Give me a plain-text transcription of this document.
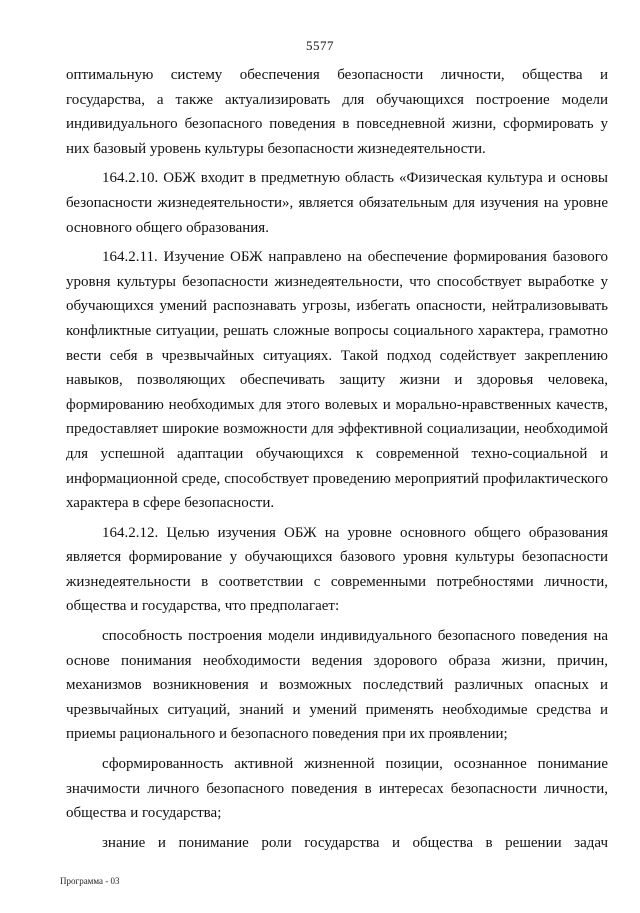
5577

оптимальную систему обеспечения безопасности личности, общества и государства, а также актуализировать для обучающихся построение модели индивидуального безопасного поведения в повседневной жизни, сформировать у них базовый уровень культуры безопасности жизнедеятельности.

164.2.10. ОБЖ входит в предметную область «Физическая культура и основы безопасности жизнедеятельности», является обязательным для изучения на уровне основного общего образования.

164.2.11. Изучение ОБЖ направлено на обеспечение формирования базового уровня культуры безопасности жизнедеятельности, что способствует выработке у обучающихся умений распознавать угрозы, избегать опасности, нейтрализовывать конфликтные ситуации, решать сложные вопросы социального характера, грамотно вести себя в чрезвычайных ситуациях. Такой подход содействует закреплению навыков, позволяющих обеспечивать защиту жизни и здоровья человека, формированию необходимых для этого волевых и морально-нравственных качеств, предоставляет широкие возможности для эффективной социализации, необходимой для успешной адаптации обучающихся к современной техно-социальной и информационной среде, способствует проведению мероприятий профилактического характера в сфере безопасности.

164.2.12. Целью изучения ОБЖ на уровне основного общего образования является формирование у обучающихся базового уровня культуры безопасности жизнедеятельности в соответствии с современными потребностями личности, общества и государства, что предполагает:

способность построения модели индивидуального безопасного поведения на основе понимания необходимости ведения здорового образа жизни, причин, механизмов возникновения и возможных последствий различных опасных и чрезвычайных ситуаций, знаний и умений применять необходимые средства и приемы рационального и безопасного поведения при их проявлении;

сформированность активной жизненной позиции, осознанное понимание значимости личного безопасного поведения в интересах безопасности личности, общества и государства;

знание и понимание роли государства и общества в решении задач

Программа - 03
